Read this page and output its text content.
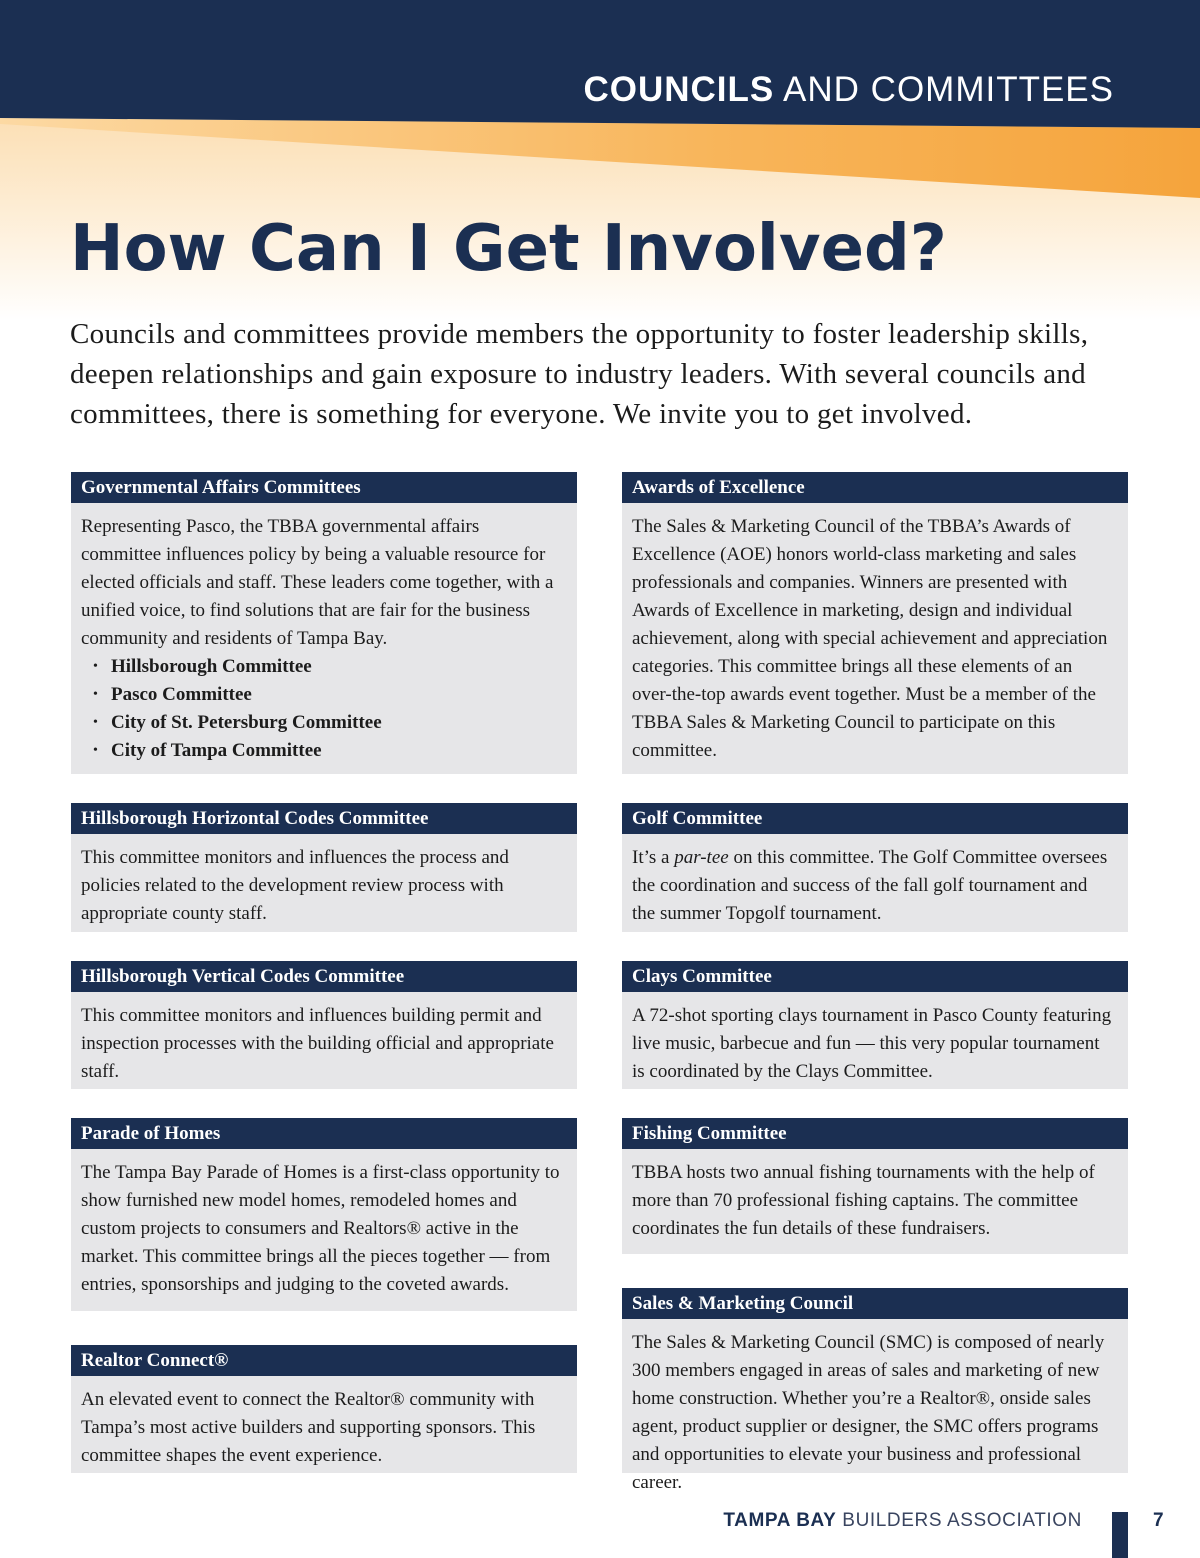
COUNCILS AND COMMITTEES
How Can I Get Involved?

Councils and committees provide members the opportunity to foster leadership skills, deepen relationships and gain exposure to industry leaders. With several councils and committees, there is something for everyone. We invite you to get involved.

Governmental Affairs Committees

Representing Pasco, the TBBA governmental affairs committee influences policy by being a valuable resource for elected officials and staff. These leaders come together, with a unified voice, to find solutions that are fair for the business community and residents of Tampa Bay.

• Hillsborough Committee
• Pasco Committee
• City of St. Petersburg Committee
• City of Tampa Committee
Hillsborough Horizontal Codes Committee

This committee monitors and influences the process and policies related to the development review process with appropriate county staff.

Hillsborough Vertical Codes Committee

This committee monitors and influences building permit and inspection processes with the building official and appropriate staff.

Parade of Homes

The Tampa Bay Parade of Homes is a first-class opportunity to show furnished new model homes, remodeled homes and custom projects to consumers and Realtors® active in the market. This committee brings all the pieces together — from entries, sponsorships and judging to the coveted awards.

Realtor Connect®

An elevated event to connect the Realtor® community with Tampa’s most active builders and supporting sponsors. This committee shapes the event experience.

Awards of Excellence

The Sales & Marketing Council of the TBBA’s Awards of Excellence (AOE) honors world-class marketing and sales professionals and companies. Winners are presented with Awards of Excellence in marketing, design and individual achievement, along with special achievement and appreciation categories. This committee brings all these elements of an over-the-top awards event together. Must be a member of the TBBA Sales & Marketing Council to participate on this committee.

Golf Committee

It’s a par-tee on this committee. The Golf Committee oversees the coordination and success of the fall golf tournament and the summer Topgolf tournament.

Clays Committee

A 72-shot sporting clays tournament in Pasco County featuring live music, barbecue and fun — this very popular tournament is coordinated by the Clays Committee.

Fishing Committee

TBBA hosts two annual fishing tournaments with the help of more than 70 professional fishing captains. The committee coordinates the fun details of these fundraisers.

Sales & Marketing Council

The Sales & Marketing Council (SMC) is composed of nearly 300 members engaged in areas of sales and marketing of new home construction. Whether you’re a Realtor®, onside sales agent, product supplier or designer, the SMC offers programs and opportunities to elevate your business and professional career.

TAMPA BAY BUILDERS ASSOCIATION	7
